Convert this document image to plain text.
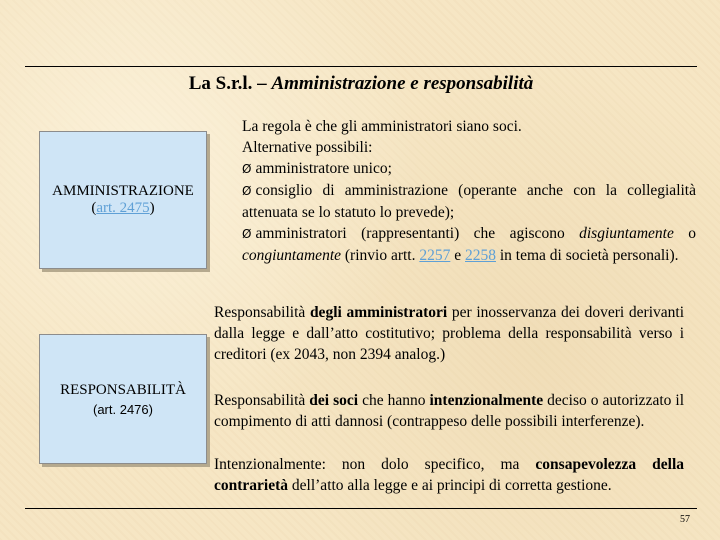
La S.r.l. – Amministrazione e responsabilità
AMMINISTRAZIONE
(art. 2475)

La regola è che gli amministratori siano soci.

Alternative possibili:

Ø amministratore unico;

Ø consiglio di amministrazione (operante anche con la collegialità attenuata se lo statuto lo prevede);

Ø amministratori (rappresentanti) che agiscono disgiuntamente o congiuntamente (rinvio artt. 2257 e 2258 in tema di società personali).

Responsabilità degli amministratori per inosservanza dei doveri derivanti dalla legge e dall’atto costitutivo; problema della responsabilità verso i creditori (ex 2043, non 2394 analog.)

RESPONSABILITÀ
(art. 2476)	Responsabilità dei soci che hanno intenzionalmente deciso o autorizzato il compimento di atti dannosi (contrappeso delle possibili interferenze).

Intenzionalmente: non dolo specifico, ma consapevolezza della contrarietà dell’atto alla legge e ai principi di corretta gestione.

57
